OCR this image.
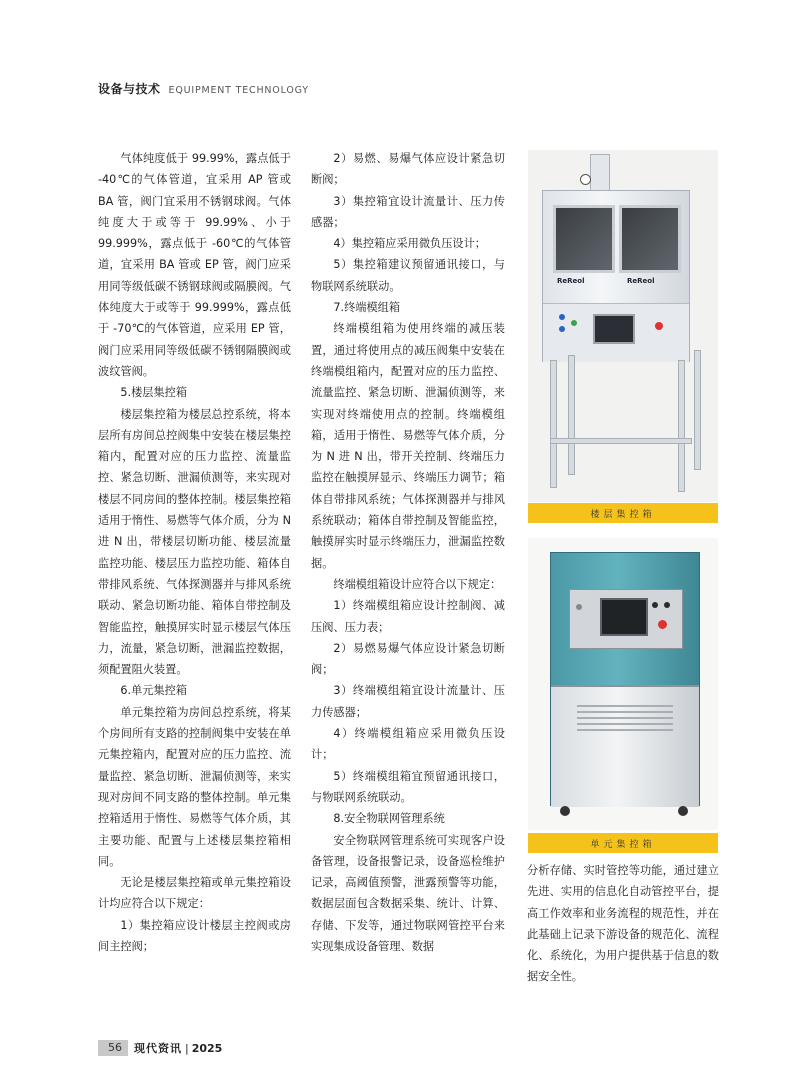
设备与技术 EQUIPMENT TECHNOLOGY

气体纯度低于 99.99%，露点低于 -40℃的气体管道，宜采用 AP 管或 BA 管，阀门宜采用不锈钢球阀。气体纯度大于或等于 99.99%、小于 99.999%，露点低于 -60℃的气体管道，宜采用 BA 管或 EP 管，阀门应采用同等级低碳不锈钢球阀或隔膜阀。气体纯度大于或等于 99.999%，露点低于 -70℃的气体管道，应采用 EP 管，阀门应采用同等级低碳不锈钢隔膜阀或波纹管阀。

5.楼层集控箱

楼层集控箱为楼层总控系统，将本层所有房间总控阀集中安装在楼层集控箱内，配置对应的压力监控、流量监控、紧急切断、泄漏侦测等，来实现对楼层不同房间的整体控制。楼层集控箱适用于惰性、易燃等气体介质，分为 N 进 N 出，带楼层切断功能、楼层流量监控功能、楼层压力监控功能、箱体自带排风系统、气体探测器并与排风系统联动、紧急切断功能、箱体自带控制及智能监控，触摸屏实时显示楼层气体压力，流量，紧急切断，泄漏监控数据，须配置阻火装置。

6.单元集控箱

单元集控箱为房间总控系统，将某个房间所有支路的控制阀集中安装在单元集控箱内，配置对应的压力监控、流量监控、紧急切断、泄漏侦测等，来实现对房间不同支路的整体控制。单元集控箱适用于惰性、易燃等气体介质，其主要功能、配置与上述楼层集控箱相同。

无论是楼层集控箱或单元集控箱设计均应符合以下规定：

1）集控箱应设计楼层主控阀或房间主控阀；

2）易燃、易爆气体应设计紧急切断阀；

3）集控箱宜设计流量计、压力传感器；

4）集控箱应采用微负压设计；

5）集控箱建议预留通讯接口，与物联网系统联动。

7.终端模组箱

终端模组箱为使用终端的减压装置，通过将使用点的减压阀集中安装在终端模组箱内，配置对应的压力监控、流量监控、紧急切断、泄漏侦测等，来实现对终端使用点的控制。终端模组箱，适用于惰性、易燃等气体介质，分为 N 进 N 出，带开关控制、终端压力监控在触摸屏显示、终端压力调节；箱体自带排风系统；气体探测器并与排风系统联动；箱体自带控制及智能监控，触摸屏实时显示终端压力，泄漏监控数据。

终端模组箱设计应符合以下规定：

1）终端模组箱应设计控制阀、减压阀、压力表；

2）易燃易爆气体应设计紧急切断阀；

3）终端模组箱宜设计流量计、压力传感器；

4）终端模组箱应采用微负压设计；

5）终端模组箱宜预留通讯接口，与物联网系统联动。

8.安全物联网管理系统

安全物联网管理系统可实现客户设备管理，设备报警记录，设备巡检维护记录，高阈值预警，泄露预警等功能，数据层面包含数据采集、统计、计算、存储、下发等，通过物联网管控平台来实现集成设备管理、数据

分析存储、实时管控等功能，通过建立先进、实用的信息化自动管控平台，提高工作效率和业务流程的规范性，并在此基础上记录下游设备的规范化、流程化、系统化，为用户提供基于信息的数据安全性。

ReReol	ReReol
楼层集控箱
单元集控箱
56	现代资讯 | 2025
